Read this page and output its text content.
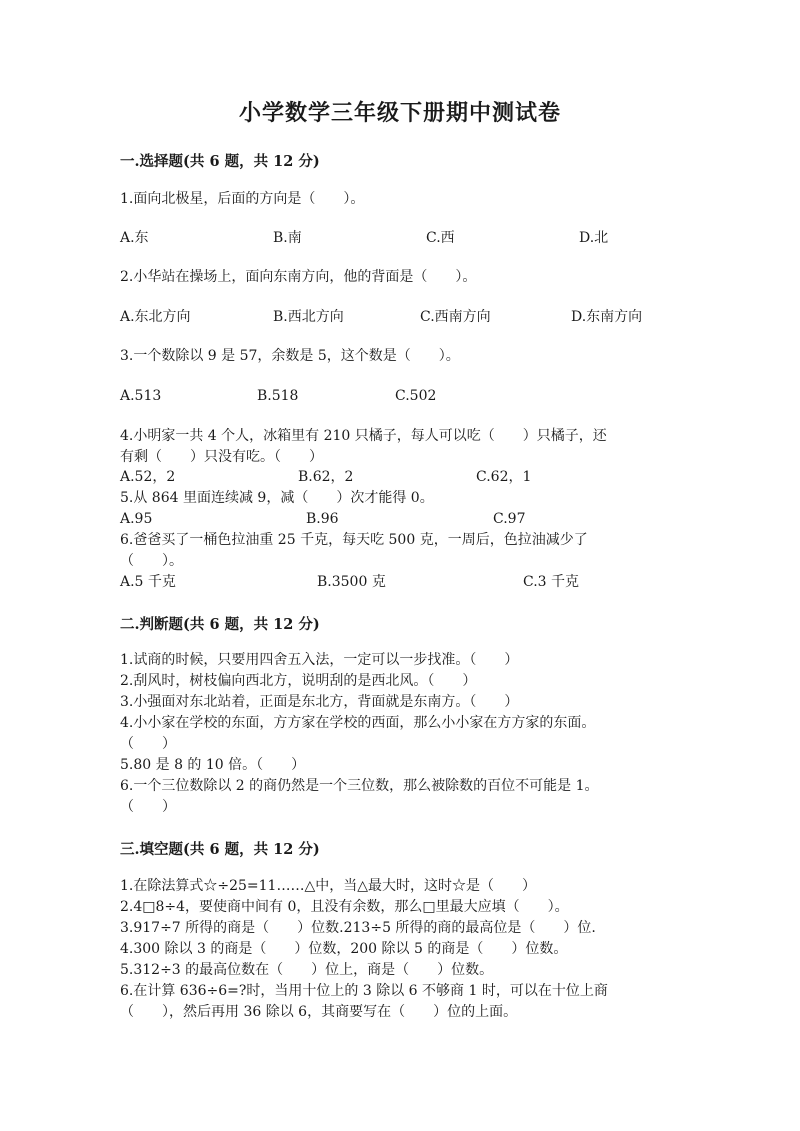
小学数学三年级下册期中测试卷
一.选择题(共 6 题，共 12 分)
1.面向北极星，后面的方向是（　　）。
A.东	B.南	C.西	D.北
2.小华站在操场上，面向东南方向，他的背面是（　　）。
A.东北方向	B.西北方向	C.西南方向	D.东南方向
3.一个数除以 9 是 57，余数是 5，这个数是（　　）。
A.513	B.518	C.502
4.小明家一共 4 个人，冰箱里有 210 只橘子，每人可以吃（　　）只橘子，还
有剩（　　）只没有吃。（　　）
A.52，2	B.62，2	C.62，1
5.从 864 里面连续减 9，减（　　）次才能得 0。
A.95	B.96	C.97
6.爸爸买了一桶色拉油重 25 千克，每天吃 500 克，一周后，色拉油减少了
（　　）。
A.5 千克	B.3500 克	C.3 千克
二.判断题(共 6 题，共 12 分)
1.试商的时候，只要用四舍五入法，一定可以一步找准。（　　）
2.刮风时，树枝偏向西北方，说明刮的是西北风。（　　）
3.小强面对东北站着，正面是东北方，背面就是东南方。（　　）
4.小小家在学校的东面，方方家在学校的西面，那么小小家在方方家的东面。
（　　）
5.80 是 8 的 10 倍。（　　）
6.一个三位数除以 2 的商仍然是一个三位数，那么被除数的百位不可能是 1。
（　　）
三.填空题(共 6 题，共 12 分)
1.在除法算式☆÷25=11……△中，当△最大时，这时☆是（　　）
2.4□8÷4，要使商中间有 0，且没有余数，那么□里最大应填（　　）。
3.917÷7 所得的商是（　　）位数.213÷5 所得的商的最高位是（　　）位.
4.300 除以 3 的商是（　　）位数，200 除以 5 的商是（　　）位数。
5.312÷3 的最高位数在（　　）位上，商是（　　）位数。
6.在计算 636÷6=?时，当用十位上的 3 除以 6 不够商 1 时，可以在十位上商
（　　），然后再用 36 除以 6，其商要写在（　　）位的上面。
